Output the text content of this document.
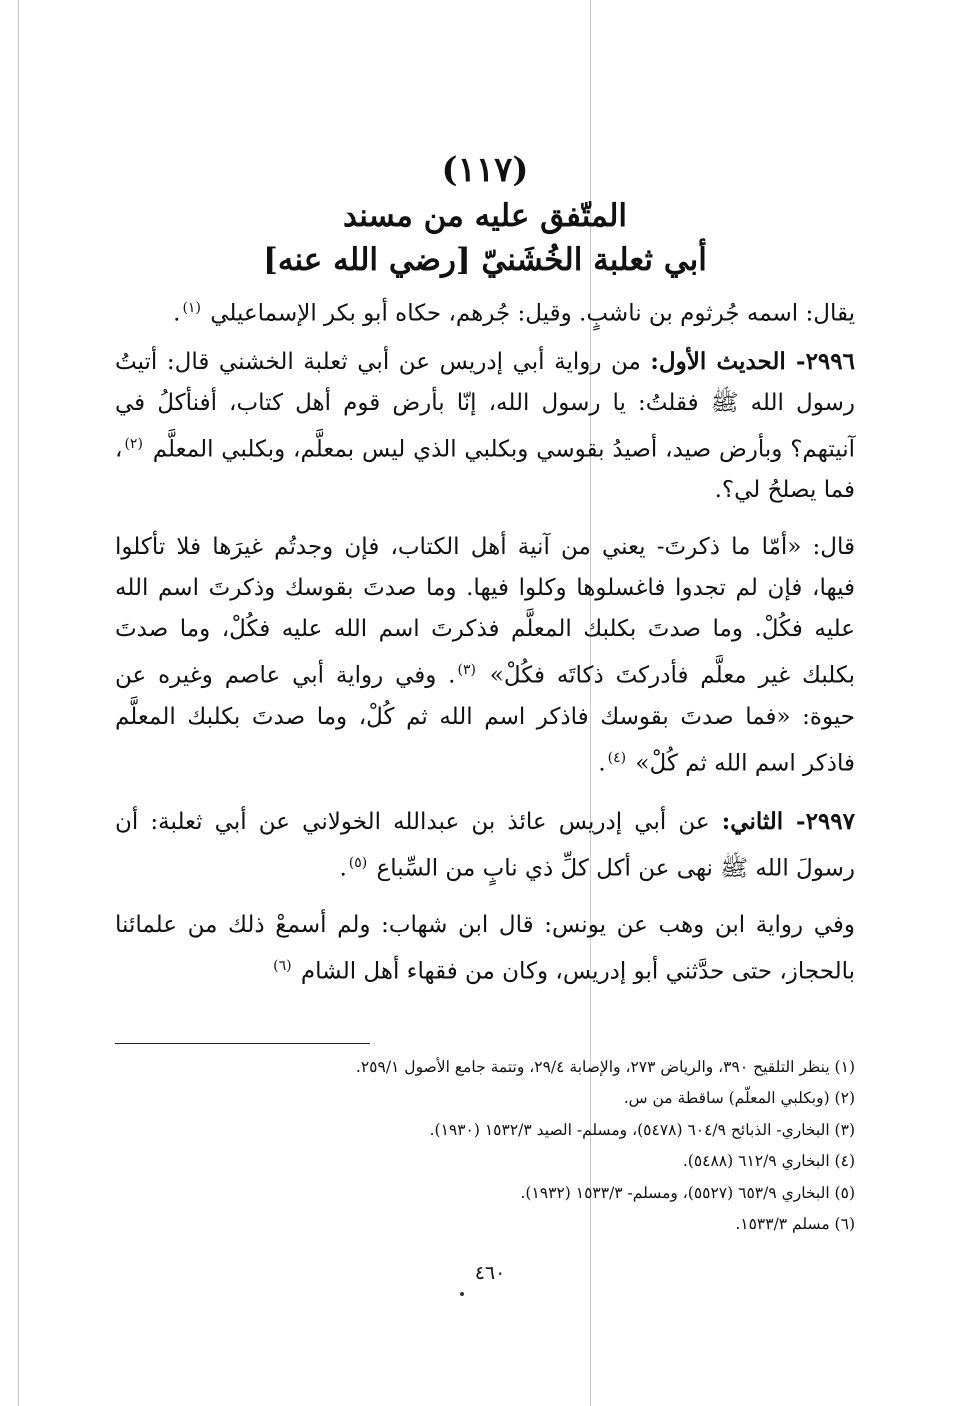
(١١٧)
المتّفق عليه من مسند
أبي ثعلبة الخُشَنيّ [رضي الله عنه]

يقال: اسمه جُرثوم بن ناشبٍ. وقيل: جُرهم، حكاه أبو بكر الإسماعيلي $^{(١)}$.

٢٩٩٦- الحديث الأول: من رواية أبي إدريس عن أبي ثعلبة الخشني قال: أتيتُ رسول الله ﷺ فقلتُ: يا رسول الله، إنّا بأرض قوم أهل كتاب، أفنأكلُ في آنيتهم؟ وبأرض صيد، أصيدُ بقوسي وبكلبي الذي ليس بمعلَّم، وبكلبي المعلَّم $^{(٢)}$، فما يصلحُ لي؟.

قال: «أمّا ما ذكرتَ- يعني من آنية أهل الكتاب، فإن وجدتُم غيرَها فلا تأكلوا فيها، فإن لم تجدوا فاغسلوها وكلوا فيها. وما صدتَ بقوسك وذكرتَ اسم الله عليه فكُلْ. وما صدتَ بكلبك المعلَّم فذكرتَ اسم الله عليه فكُلْ، وما صدتَ بكلبك غير معلَّم فأدركتَ ذكاتَه فكُلْ» $^{(٣)}$. وفي رواية أبي عاصم وغيره عن حيوة: «فما صدتَ بقوسك فاذكر اسم الله ثم كُلْ، وما صدتَ بكلبك المعلَّم فاذكر اسم الله ثم كُلْ» $^{(٤)}$.

٢٩٩٧- الثاني: عن أبي إدريس عائذ بن عبدالله الخولاني عن أبي ثعلبة: أن رسولَ الله ﷺ نهى عن أكل كلِّ ذي نابٍ من السِّباع $^{(٥)}$.

وفي رواية ابن وهب عن يونس: قال ابن شهاب: ولم أسمعْ ذلك من علمائنا بالحجاز، حتى حدَّثني أبو إدريس، وكان من فقهاء أهل الشام $^{(٦)}$

(١) ينظر التلقيح ٣٩٠، والرياض ٢٧٣، والإصابة ٢٩/٤، وتتمة جامع الأصول ٢٥٩/١.

(٢) (وبكلبي المعلّم) ساقطة من س.

(٣) البخاري- الذبائح ٦٠٤/٩ (٥٤٧٨)، ومسلم- الصيد ١٥٣٢/٣ (١٩٣٠).

(٤) البخاري ٦١٢/٩ (٥٤٨٨).

(٥) البخاري ٦٥٣/٩ (٥٥٢٧)، ومسلم- ١٥٣٣/٣ (١٩٣٢).

(٦) مسلم ١٥٣٣/٣.

٤٦٠
